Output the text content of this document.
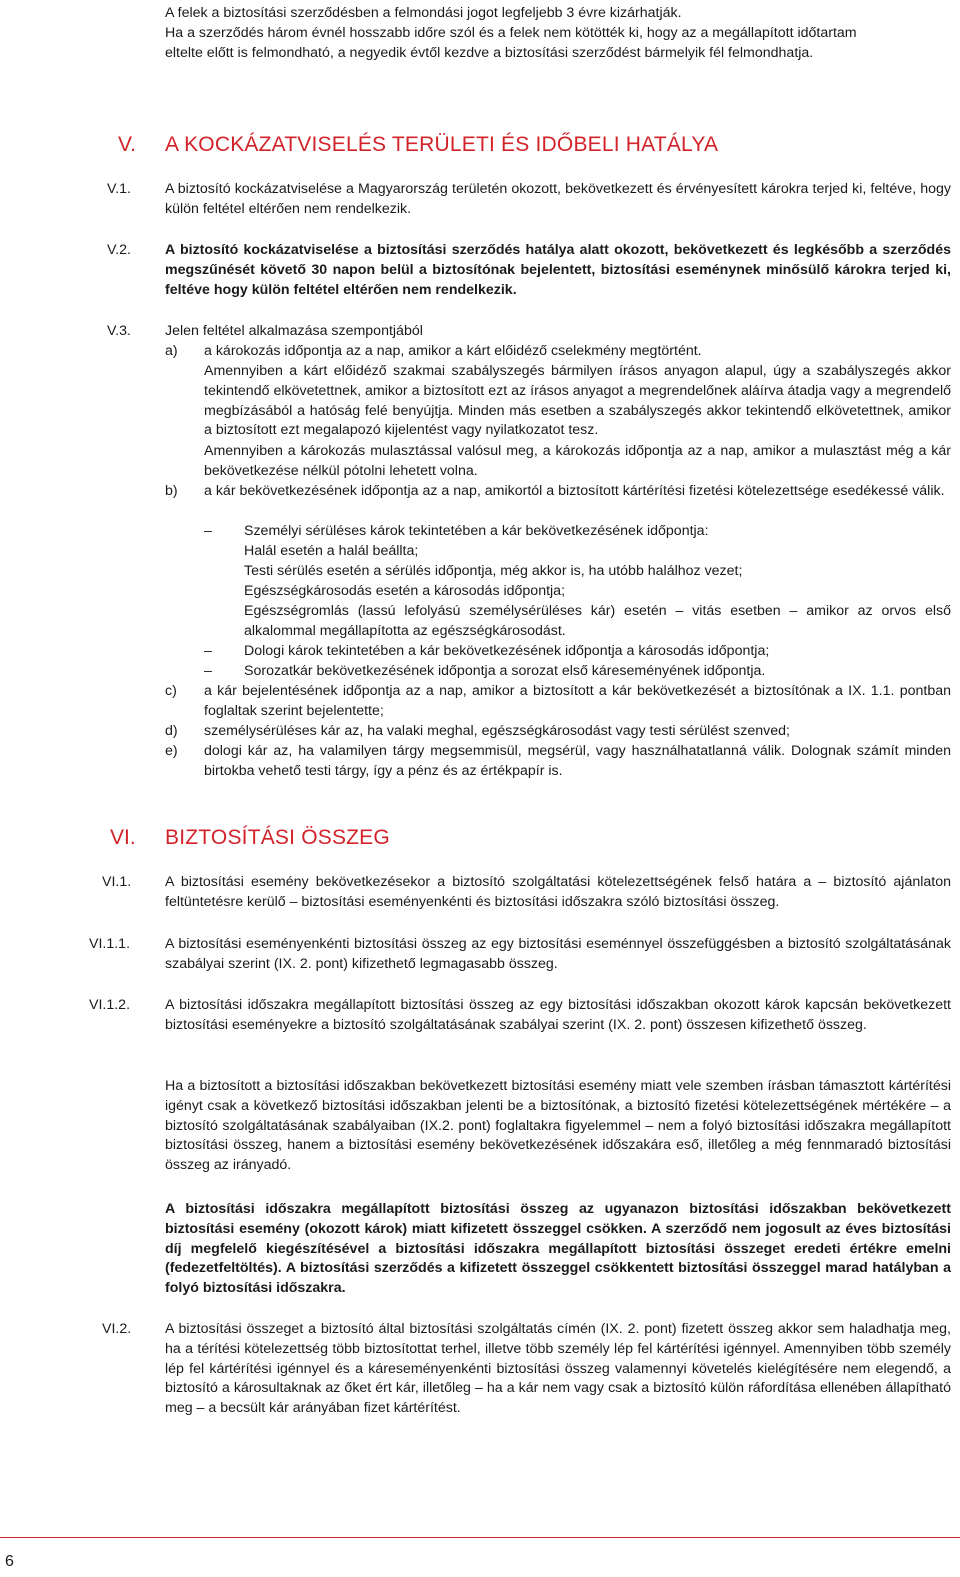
A felek a biztosítási szerződésben a felmondási jogot legfeljebb 3 évre kizárhatják.
Ha a szerződés három évnél hosszabb időre szól és a felek nem kötötték ki, hogy az a megállapított időtartam
eltelte előtt is felmondható, a negyedik évtől kezdve a biztosítási szerződést bármelyik fél felmondhatja.
V. A KOCKÁZATVISELÉS TERÜLETI ÉS IDŐBELI HATÁLYA
V.1. A biztosító kockázatviselése a Magyarország területén okozott, bekövetkezett és érvényesített károkra terjed ki, feltéve, hogy külön feltétel eltérően nem rendelkezik.
V.2. A biztosító kockázatviselése a biztosítási szerződés hatálya alatt okozott, bekövetkezett és legkésőbb a szerződés megszűnését követő 30 napon belül a biztosítónak bejelentett, biztosítási eseménynek minősülő károkra terjed ki, feltéve hogy külön feltétel eltérően nem rendelkezik.
V.3. Jelen feltétel alkalmazása szempontjából
a) a károkozás időpontja az a nap, amikor a kárt előidéző cselekmény megtörtént.
Amennyiben a kárt előidéző szakmai szabályszegés bármilyen írásos anyagon alapul, úgy a szabályszegés akkor tekintendő elkövetettnek, amikor a biztosított ezt az írásos anyagot a megrendelőnek aláírva átadja vagy a megrendelő megbízásából a hatóság felé benyújtja. Minden más esetben a szabályszegés akkor tekintendő elkövetettnek, amikor a biztosított ezt megalapozó kijelentést vagy nyilatkozatot tesz.
Amennyiben a károkozás mulasztással valósul meg, a károkozás időpontja az a nap, amikor a mulasztást még a kár bekövetkezése nélkül pótolni lehetett volna.
b) a kár bekövetkezésének időpontja az a nap, amikortól a biztosított kártérítési fizetési kötelezettsége esedékessé válik.
–	Személyi sérüléses károk tekintetében a kár bekövetkezésének időpontja:
Halál esetén a halál beállta;
Testi sérülés esetén a sérülés időpontja, még akkor is, ha utóbb halálhoz vezet;
Egészségkárosodás esetén a károsodás időpontja;
Egészségromlás (lassú lefolyású személysérüléses kár) esetén – vitás esetben – amikor az orvos első alkalommal megállapította az egészségkárosodást.
–	Dologi károk tekintetében a kár bekövetkezésének időpontja a károsodás időpontja;
–	Sorozatkár bekövetkezésének időpontja a sorozat első káreseményének időpontja.
c) a kár bejelentésének időpontja az a nap, amikor a biztosított a kár bekövetkezését a biztosítónak a IX. 1.1. pontban foglaltak szerint bejelentette;
d) személysérüléses kár az, ha valaki meghal, egészségkárosodást vagy testi sérülést szenved;
e) dologi kár az, ha valamilyen tárgy megsemmisül, megsérül, vagy használhatatlanná válik. Dolognak számít minden birtokba vehető testi tárgy, így a pénz és az értékpapír is.
VI. BIZTOSÍTÁSI ÖSSZEG
VI.1. A biztosítási esemény bekövetkezésekor a biztosító szolgáltatási kötelezettségének felső határa a – biztosító ajánlaton feltüntetésre kerülő – biztosítási eseményenkénti és biztosítási időszakra szóló biztosítási összeg.
VI.1.1. A biztosítási eseményenkénti biztosítási összeg az egy biztosítási eseménnyel összefüggésben a biztosító szolgáltatásának szabályai szerint (IX. 2. pont) kifizethető legmagasabb összeg.
VI.1.2. A biztosítási időszakra megállapított biztosítási összeg az egy biztosítási időszakban okozott károk kapcsán bekövetkezett biztosítási eseményekre a biztosító szolgáltatásának szabályai szerint (IX. 2. pont) összesen kifizethető összeg.
Ha a biztosított a biztosítási időszakban bekövetkezett biztosítási esemény miatt vele szemben írásban támasztott kártérítési igényt csak a következő biztosítási időszakban jelenti be a biztosítónak, a biztosító fizetési kötelezettségének mértékére – a biztosító szolgáltatásának szabályaiban (IX.2. pont) foglaltakra figyelemmel – nem a folyó biztosítási időszakra megállapított biztosítási összeg, hanem a biztosítási esemény bekövetkezésének időszakára eső, illetőleg a még fennmaradó biztosítási összeg az irányadó.
A biztosítási időszakra megállapított biztosítási összeg az ugyanazon biztosítási időszakban bekövetkezett biztosítási esemény (okozott károk) miatt kifizetett összeggel csökken. A szerződő nem jogosult az éves biztosítási díj megfelelő kiegészítésével a biztosítási időszakra megállapított biztosítási összeget eredeti értékre emelni (fedezetfeltöltés). A biztosítási szerződés a kifizetett összeggel csökkentett biztosítási összeggel marad hatályban a folyó biztosítási időszakra.
VI.2. A biztosítási összeget a biztosító által biztosítási szolgáltatás címén (IX. 2. pont) fizetett összeg akkor sem haladhatja meg, ha a térítési kötelezettség több biztosítottat terhel, illetve több személy lép fel kártérítési igénnyel. Amennyiben több személy lép fel kártérítési igénnyel és a káreseményenkénti biztosítási összeg valamennyi követelés kielégítésére nem elegendő, a biztosító a károsultaknak az őket ért kár, illetőleg – ha a kár nem vagy csak a biztosító külön ráfordítása ellenében állapítható meg – a becsült kár arányában fizet kártérítést.
6
